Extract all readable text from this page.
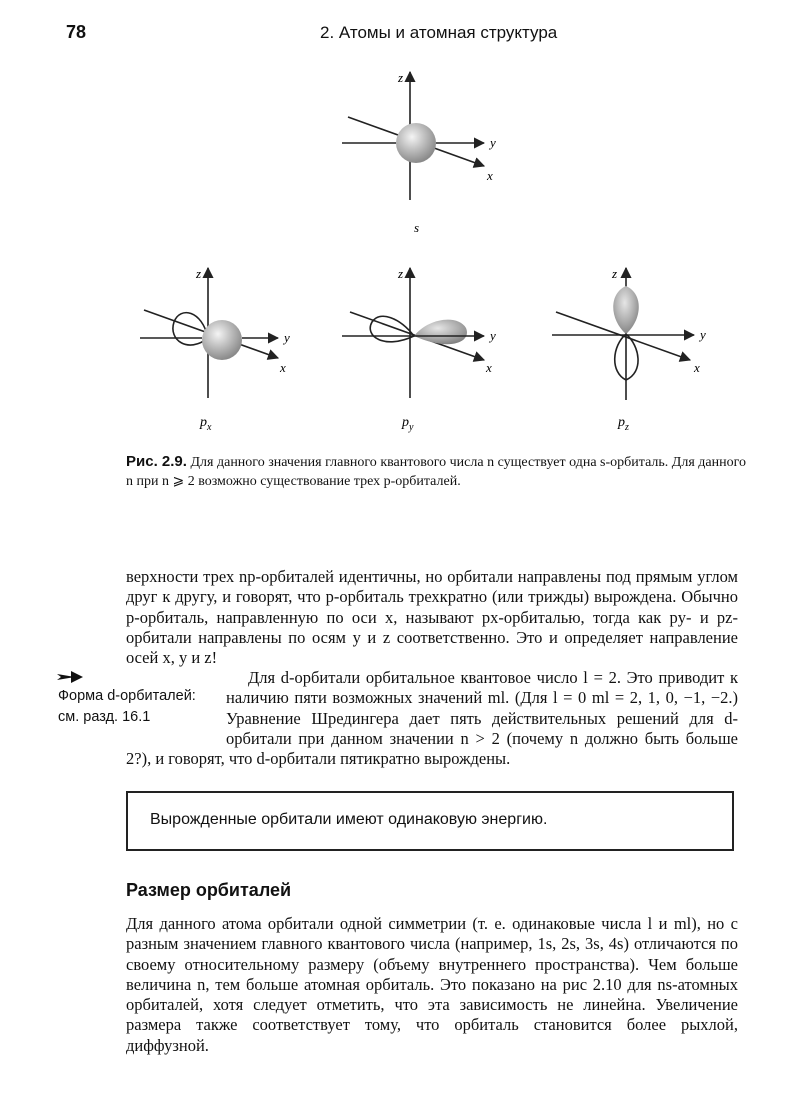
78	2. Атомы и атомная структура
z
y
x
s
z
y
x
$p_x$
z
y
x
$p_y$
z
y
x
$p_z$
Рис. 2.9. Для данного значения главного квантового числа n существует одна s-орбиталь. Для данного n при n ⩾ 2 возможно существование трех p-орбиталей.

верхности трех np-орбиталей идентичны, но орбитали направлены под прямым углом друг к другу, и говорят, что p-орбиталь трехкратно (или трижды) вырождена. Обычно p-орбиталь, направленную по оси x, называют px-орбиталью, тогда как py- и pz-орбитали направлены по осям y и z соответственно. Это и определяет направление осей x, y и z!

Форма d-орбиталей:
см. разд. 16.1
Для d-орбитали орбитальное квантовое число l = 2. Это приводит к наличию пяти возможных значений ml. (Для l = 0 ml = 2, 1, 0, −1, −2.) Уравнение Шредингера дает пять действительных решений для d-орбитали при данном значении n > 2 (почему n должно быть больше 2?), и говорят, что d-орбитали пятикратно вырождены.
Вырожденные орбитали имеют одинаковую энергию.
Размер орбиталей

Для данного атома орбитали одной симметрии (т. е. одинаковые числа l и ml), но с разным значением главного квантового числа (например, 1s, 2s, 3s, 4s) отличаются по своему относительному размеру (объему внутреннего пространства). Чем больше величина n, тем больше атомная орбиталь. Это показано на рис 2.10 для ns-атомных орбиталей, хотя следует отметить, что эта зависимость не линейна. Увеличение размера также соответствует тому, что орбиталь становится более рыхлой, диффузной.
